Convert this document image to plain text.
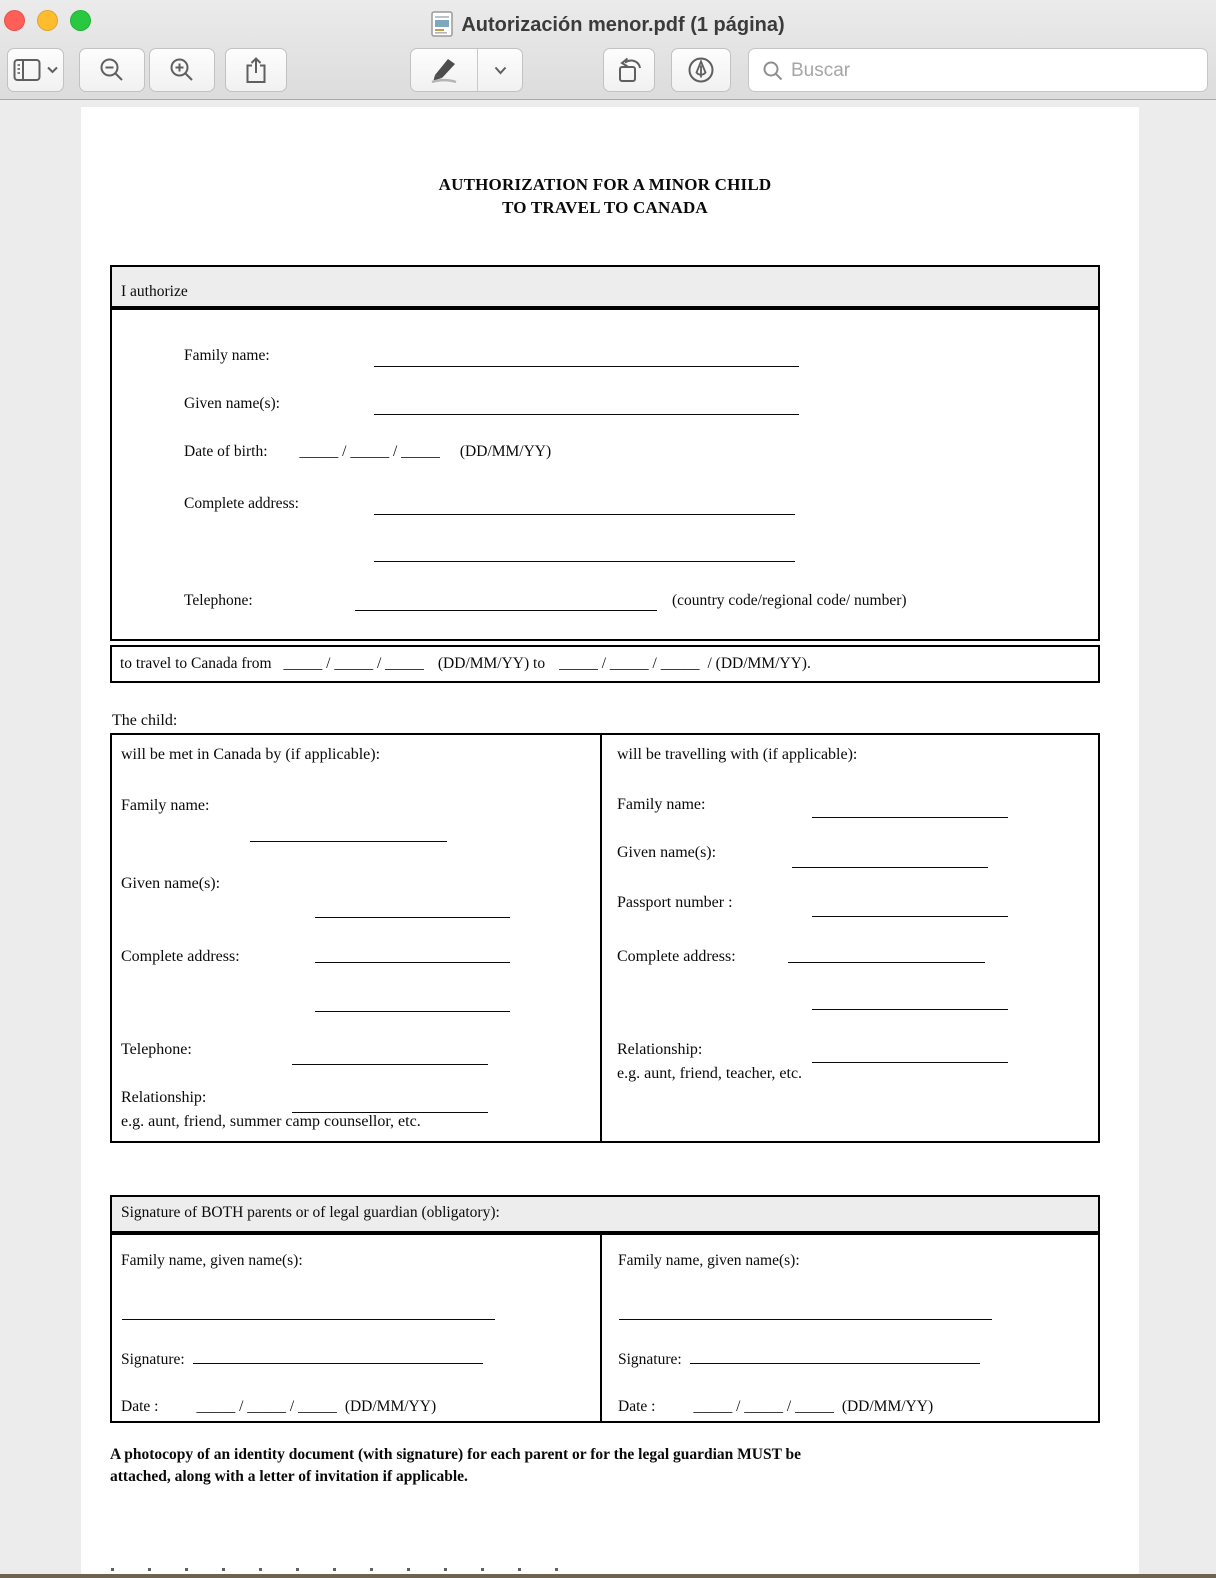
Autorización menor.pdf (1 página)
Buscar
AUTHORIZATION FOR A MINOR CHILD
TO TRAVEL TO CANADA
I authorize
Family name:
Given name(s):
Date of birth: _____ / _____ / _____ (DD/MM/YY)
Complete address:
Telephone:	(country code/regional code/ number)
to travel to Canada from _____ / _____ / _____ (DD/MM/YY) to _____ / _____ / _____ / (DD/MM/YY).
The child:
will be met in Canada by (if applicable):
Family name:
Given name(s):
Complete address:
Telephone:
Relationship:
e.g. aunt, friend, summer camp counsellor, etc.
will be travelling with (if applicable):
Family name:
Given name(s):
Passport number :
Complete address:
Relationship:
e.g. aunt, friend, teacher, etc.
Signature of BOTH parents or of legal guardian (obligatory):
Family name, given name(s):
Signature:
Date : _____ / _____ / _____ (DD/MM/YY)
Family name, given name(s):
Signature:
Date : _____ / _____ / _____ (DD/MM/YY)
A photocopy of an identity document (with signature) for each parent or for the legal guardian MUST be
attached, along with a letter of invitation if applicable.
